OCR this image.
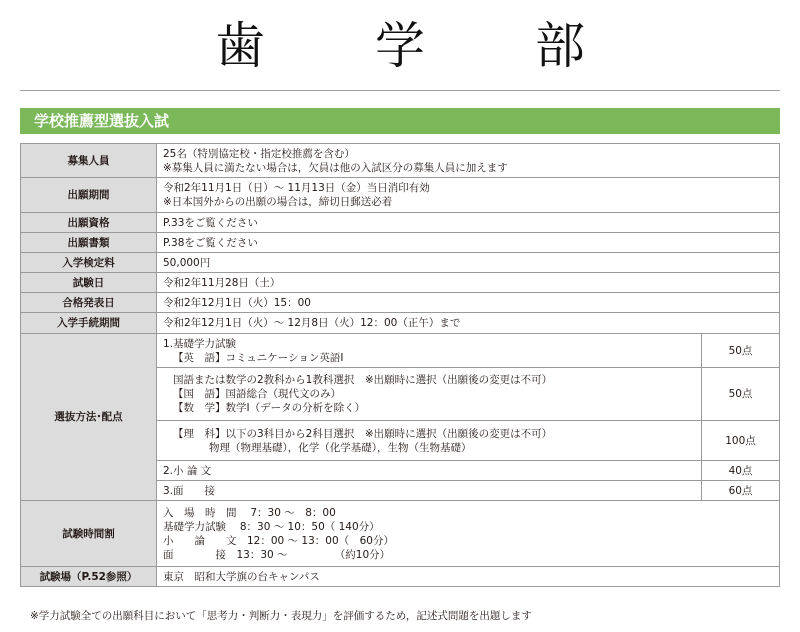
歯　学　部
学校推薦型選抜入試
募集人員	25名（特別協定校・指定校推薦を含む）
※募集人員に満たない場合は，欠員は他の入試区分の募集人員に加えます	

出願期間	令和2年11月1日（日）～ 11月13日（金）当日消印有効
※日本国外からの出願の場合は，締切日郵送必着	

出願資格	P.33をご覧ください	
出願書類	P.38をご覧ください	
入学検定料	50,000円	
試験日	令和2年11月28日（土）	
合格発表日	令和2年12月1日（火）15：00	
入学手続期間	令和2年12月1日（火）～ 12月8日（火）12：00（正午）まで	
選抜方法･配点	1.基礎学力試験
【英　語】コミュニケーション英語Ⅰ	50点

	国語または数学の2教科から1教科選択　※出願時に選択（出願後の変更は不可）
【国　語】国語総合（現代文のみ）
【数　学】数学Ⅰ（データの分析を除く）	50点

	【理　科】以下の3科目から2科目選択　※出願時に選択（出願後の変更は不可）
物理（物理基礎），化学（化学基礎），生物（生物基礎）	100点
	2.小 論 文	40点
	3.面　　接	60点
試験時間割	入　場　時　間　 7：30 ～　8：00
基礎学力試験　 8：30 ～ 10：50（ 140分）
小　　論　　文　12：00 ～ 13：00（　60分）
面　　　　接　13：30 ～　　　　　（約10分）	

試験場（P.52参照）	東京　昭和大学旗の台キャンパス	
※学力試験全ての出願科目において「思考力・判断力・表現力」を評価するため，記述式問題を出題します
